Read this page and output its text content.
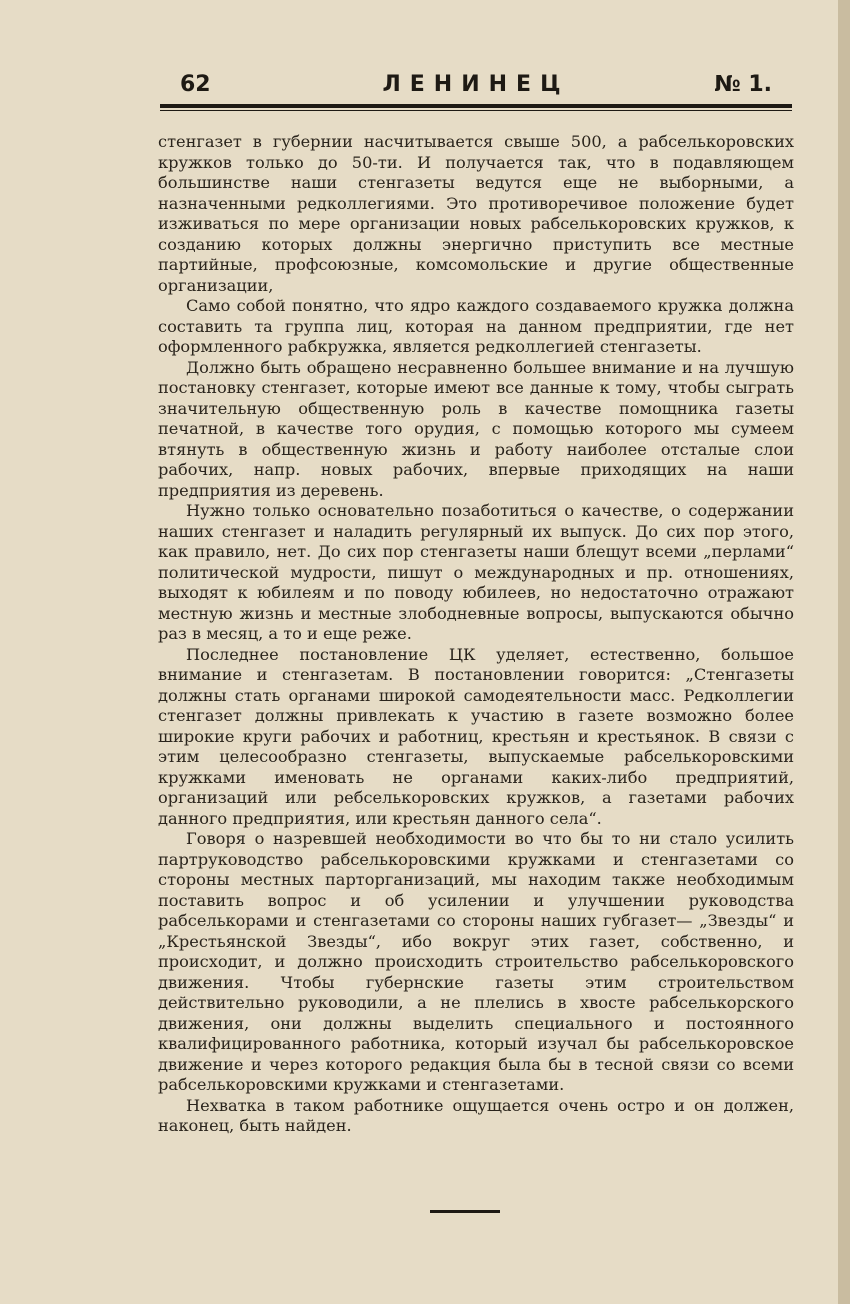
ЛЕНИНЕЦ
62	№ 1.

стенгазет в губернии насчитывается свыше 500, а рабселькоровских кружков только до 50-ти. И получается так, что в подавляющем большинстве наши стенгазеты ведутся еще не выборными, а назначенными редколлегиями. Это противоречивое положение будет изживаться по мере организации новых рабселькоровских кружков, к созданию которых должны энергично приступить все местные партийные, профсоюзные, комсомольские и другие общественные организации,

Само собой понятно, что ядро каждого создаваемого кружка должна составить та группа лиц, которая на данном предприятии, где нет оформленного рабкружка, является редколлегией стенгазеты.

Должно быть обращено несравненно большее внимание и на лучшую постановку стенгазет, которые имеют все данные к тому, чтобы сыграть значительную общественную роль в качестве помощника газеты печатной, в качестве того орудия, с помощью которого мы сумеем втянуть в общественную жизнь и работу наиболее отсталые слои рабочих, напр. новых рабочих, впервые приходящих на наши предприятия из деревень.

Нужно только основательно позаботиться о качестве, о содержании наших стенгазет и наладить регулярный их выпуск. До сих пор этого, как правило, нет. До сих пор стенгазеты наши блещут всеми „перлами“ политической мудрости, пишут о международных и пр. отношениях, выходят к юбилеям и по поводу юбилеев, но недостаточно отражают местную жизнь и местные злободневные вопросы, выпускаются обычно раз в месяц, а то и еще реже.

Последнее постановление ЦК уделяет, естественно, большое внимание и стенгазетам. В постановлении говорится: „Стенгазеты должны стать органами широкой самодеятельности масс. Редколлегии стенгазет должны привлекать к участию в газете возможно более широкие круги рабочих и работниц, крестьян и крестьянок. В связи с этим целесообразно стенгазеты, выпускаемые рабселькоровскими кружками именовать не органами каких-либо предприятий, организаций или ребселькоровских кружков, а газетами рабочих данного предприятия, или крестьян данного села“.

Говоря о назревшей необходимости во что бы то ни стало усилить партруководство рабселькоровскими кружками и стенгазетами со стороны местных парторганизаций, мы находим также необходимым поставить вопрос и об усилении и улучшении руководства рабселькорами и стенгазетами со стороны наших губгазет— „Звезды“ и „Крестьянской Звезды“, ибо вокруг этих газет, собственно, и происходит, и должно происходить строительство рабселькоровского движения. Чтобы губернские газеты этим строительством действительно руководили, а не плелись в хвосте рабселькорского движения, они должны выделить специального и постоянного квалифицированного работника, который изучал бы рабселькоровское движение и через которого редакция была бы в тесной связи со всеми рабселькоровскими кружками и стенгазетами.

Нехватка в таком работнике ощущается очень остро и он должен, наконец, быть найден.
